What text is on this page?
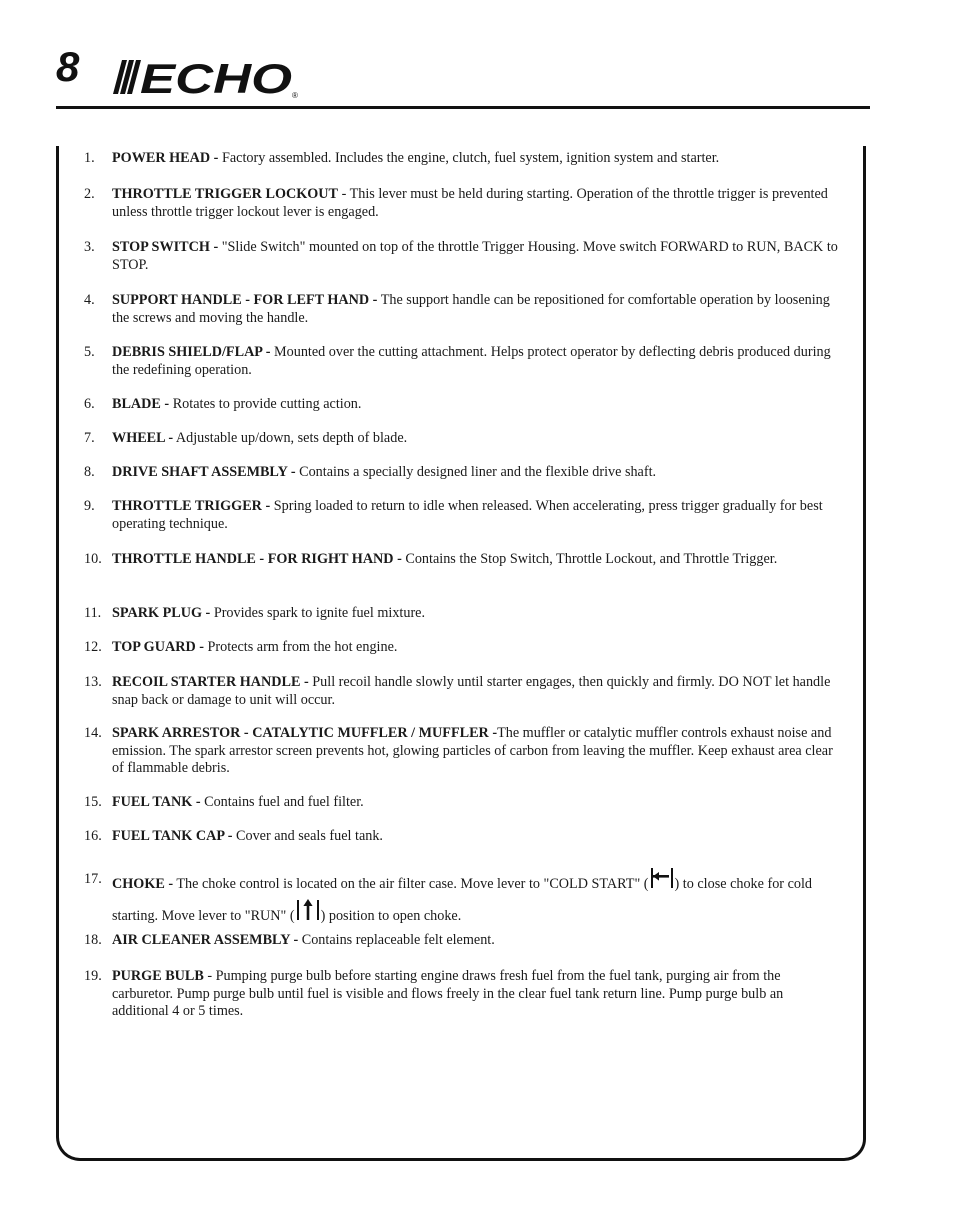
8 ECHO ®
1.	POWER HEAD - Factory assembled. Includes the engine, clutch, fuel system, ignition system and starter.
2.	THROTTLE TRIGGER LOCKOUT - This lever must be held during starting. Operation of the throttle trigger is prevented unless throttle trigger lockout lever is engaged.
3.	STOP SWITCH - "Slide Switch" mounted on top of the throttle Trigger Housing. Move switch FORWARD to RUN, BACK to STOP.
4.	SUPPORT HANDLE - FOR LEFT HAND - The support handle can be repositioned for comfortable operation by loosening the screws and moving the handle.
5.	DEBRIS SHIELD/FLAP - Mounted over the cutting attachment. Helps protect operator by deflecting debris produced during the redefining operation.
6.	BLADE - Rotates to provide cutting action.
7.	WHEEL - Adjustable up/down, sets depth of blade.
8.	DRIVE SHAFT ASSEMBLY - Contains a specially designed liner and the flexible drive shaft.
9.	THROTTLE TRIGGER - Spring loaded to return to idle when released. When accelerating, press trigger gradually for best operating technique.
10. THROTTLE HANDLE - FOR RIGHT HAND - Contains the Stop Switch, Throttle Lockout, and Throttle Trigger.
11. SPARK PLUG - Provides spark to ignite fuel mixture.
12. TOP GUARD - Protects arm from the hot engine.
13. RECOIL STARTER HANDLE - Pull recoil handle slowly until starter engages, then quickly and firmly. DO NOT let handle snap back or damage to unit will occur.
14. SPARK ARRESTOR - CATALYTIC MUFFLER / MUFFLER -The muffler or catalytic muffler controls exhaust noise and emission. The spark arrestor screen prevents hot, glowing particles of carbon from leaving the muffler. Keep exhaust area clear of flammable debris.
15. FUEL TANK - Contains fuel and fuel filter.
16. FUEL TANK CAP - Cover and seals fuel tank.
17. CHOKE - The choke control is located on the air filter case. Move lever to "COLD START" ( ) to close choke for cold starting. Move lever to "RUN" ( ) position to open choke.
18. AIR CLEANER ASSEMBLY - Contains replaceable felt element.
19. PURGE BULB - Pumping purge bulb before starting engine draws fresh fuel from the fuel tank, purging air from the carburetor. Pump purge bulb until fuel is visible and flows freely in the clear fuel tank return line. Pump purge bulb an additional 4 or 5 times.
